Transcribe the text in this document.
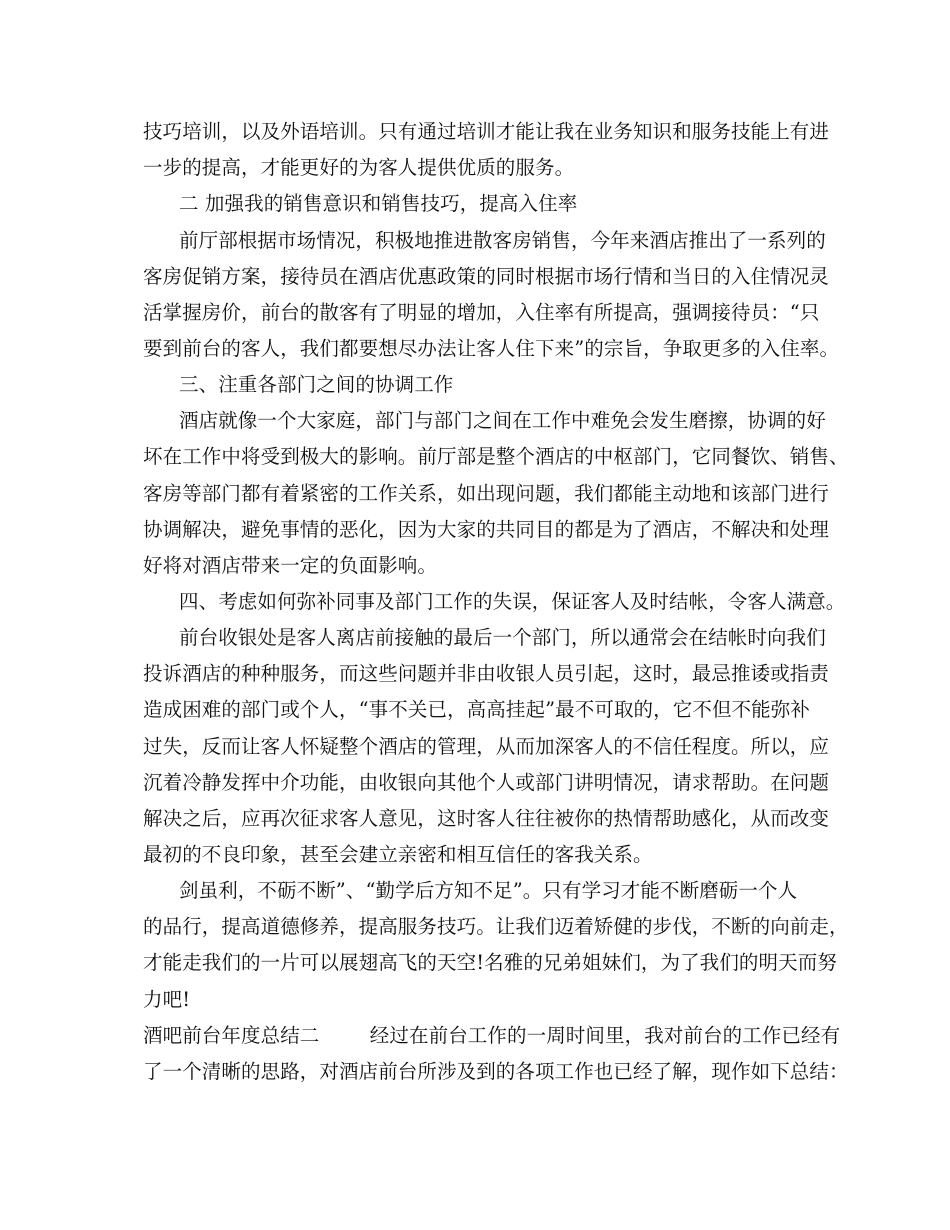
技巧培训，以及外语培训。只有通过培训才能让我在业务知识和服务技能上有进
一步的提高，才能更好的为客人提供优质的服务。
二 加强我的销售意识和销售技巧，提高入住率
前厅部根据市场情况，积极地推进散客房销售，今年来酒店推出了一系列的
客房促销方案，接待员在酒店优惠政策的同时根据市场行情和当日的入住情况灵
活掌握房价，前台的散客有了明显的增加，入住率有所提高，强调接待员：“只
要到前台的客人，我们都要想尽办法让客人住下来”的宗旨，争取更多的入住率。
三、注重各部门之间的协调工作
酒店就像一个大家庭，部门与部门之间在工作中难免会发生磨擦，协调的好
坏在工作中将受到极大的影响。前厅部是整个酒店的中枢部门，它同餐饮、销售、
客房等部门都有着紧密的工作关系，如出现问题，我们都能主动地和该部门进行
协调解决，避免事情的恶化，因为大家的共同目的都是为了酒店，不解决和处理
好将对酒店带来一定的负面影响。
四、考虑如何弥补同事及部门工作的失误，保证客人及时结帐，令客人满意。
前台收银处是客人离店前接触的最后一个部门，所以通常会在结帐时向我们
投诉酒店的种种服务，而这些问题并非由收银人员引起，这时，最忌推诿或指责
造成困难的部门或个人，“事不关已，高高挂起”最不可取的，它不但不能弥补
过失，反而让客人怀疑整个酒店的管理，从而加深客人的不信任程度。所以，应
沉着冷静发挥中介功能，由收银向其他个人或部门讲明情况，请求帮助。在问题
解决之后，应再次征求客人意见，这时客人往往被你的热情帮助感化，从而改变
最初的不良印象，甚至会建立亲密和相互信任的客我关系。
剑虽利，不砺不断”、“勤学后方知不足”。只有学习才能不断磨砺一个人
的品行，提高道德修养，提高服务技巧。让我们迈着矫健的步伐，不断的向前走，
才能走我们的一片可以展翅高飞的天空!名雅的兄弟姐妹们，为了我们的明天而努
力吧!
酒吧前台年度总结二        经过在前台工作的一周时间里，我对前台的工作已经有
了一个清晰的思路，对酒店前台所涉及到的各项工作也已经了解，现作如下总结：
